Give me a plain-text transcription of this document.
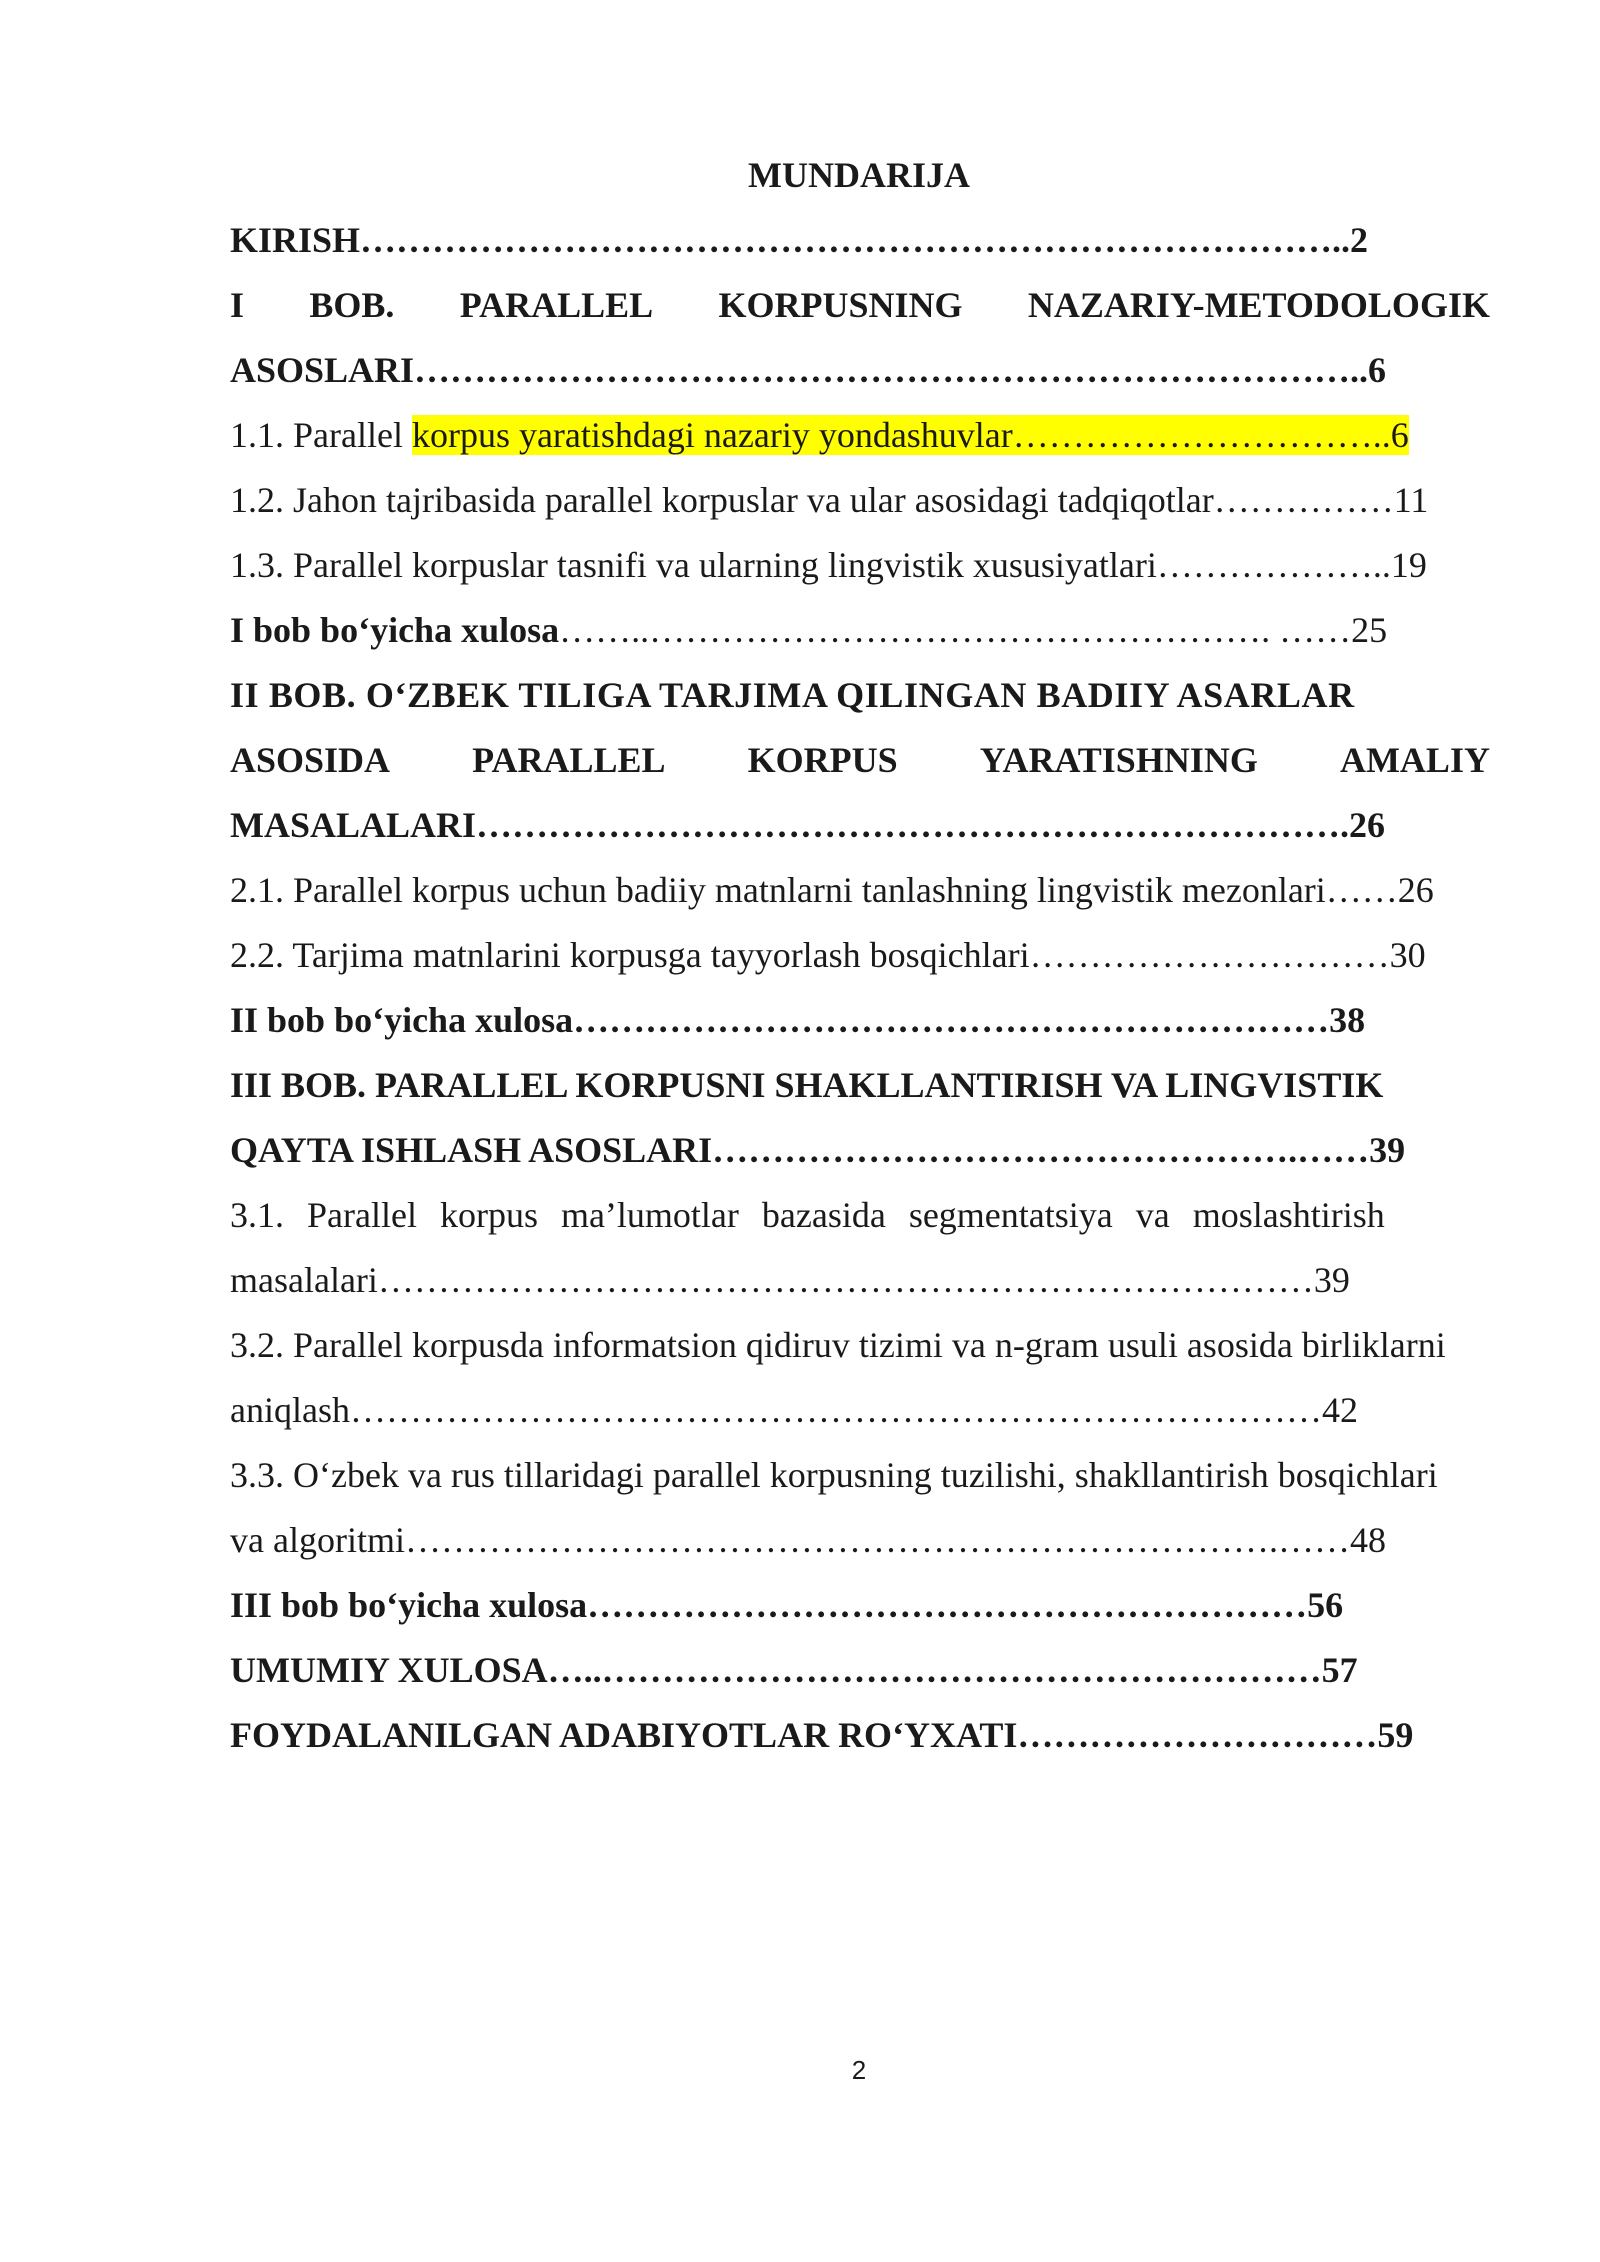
MUNDARIJA
KIRISH………………………………………………………………………..2
I BOB. PARALLEL KORPUSNING NAZARIY-METODOLOGIK
ASOSLARI……………………………………………………………………..6
1.1. Parallel korpus yaratishdagi nazariy yondashuvlar…………………………..6
1.2. Jahon tajribasida parallel korpuslar va ular asosidagi tadqiqotlar……………11
1.3. Parallel korpuslar tasnifi va ularning lingvistik xususiyatlari………………..19
I bob bo‘yicha xulosa……..……………………………………………. ……25
II BOB. O‘ZBEK TILIGA TARJIMA QILINGAN BADIIY ASARLAR
ASOSIDA PARALLEL KORPUS YARATISHNING AMALIY
MASALALARI……………………………………………………………….26
2.1. Parallel korpus uchun badiiy matnlarni tanlashning lingvistik mezonlari……26
2.2. Tarjima matnlarini korpusga tayyorlash bosqichlari…………………………30
II bob bo‘yicha xulosa………………………………………………………38
III BOB. PARALLEL KORPUSNI SHAKLLANTIRISH VA LINGVISTIK
QAYTA ISHLASH ASOSLARI………………………………………….……39
3.1. Parallel korpus ma’lumotlar bazasida segmentatsiya va moslashtirish
masalalari……………………………………………………………………39
3.2. Parallel korpusda informatsion qidiruv tizimi va n-gram usuli asosida birliklarni
aniqlash………………………………………………………………………42
3.3. O‘zbek va rus tillaridagi parallel korpusning tuzilishi, shakllantirish bosqichlari
va algoritmi……………………………………………………………….……48
III bob bo‘yicha xulosa……………………………………………………56
UMUMIY XULOSA…..……………………………………………………57
FOYDALANILGAN ADABIYOTLAR RO‘YXATI…………………………59
2
